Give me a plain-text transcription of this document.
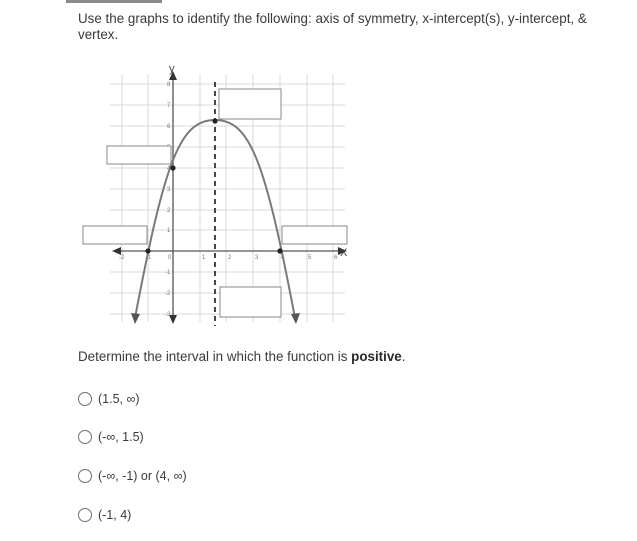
Use the graphs to identify the following: axis of symmetry, x-intercept(s), y-intercept, & vertex.
X
y
-2	-1	0	1	2	3	4	5	6
8
7
6
4
3
2
1
-1
-2
-3
Determine the interval in which the function is positive.
(1.5, ∞)
(-∞, 1.5)
(-∞, -1) or (4, ∞)
(-1, 4)
